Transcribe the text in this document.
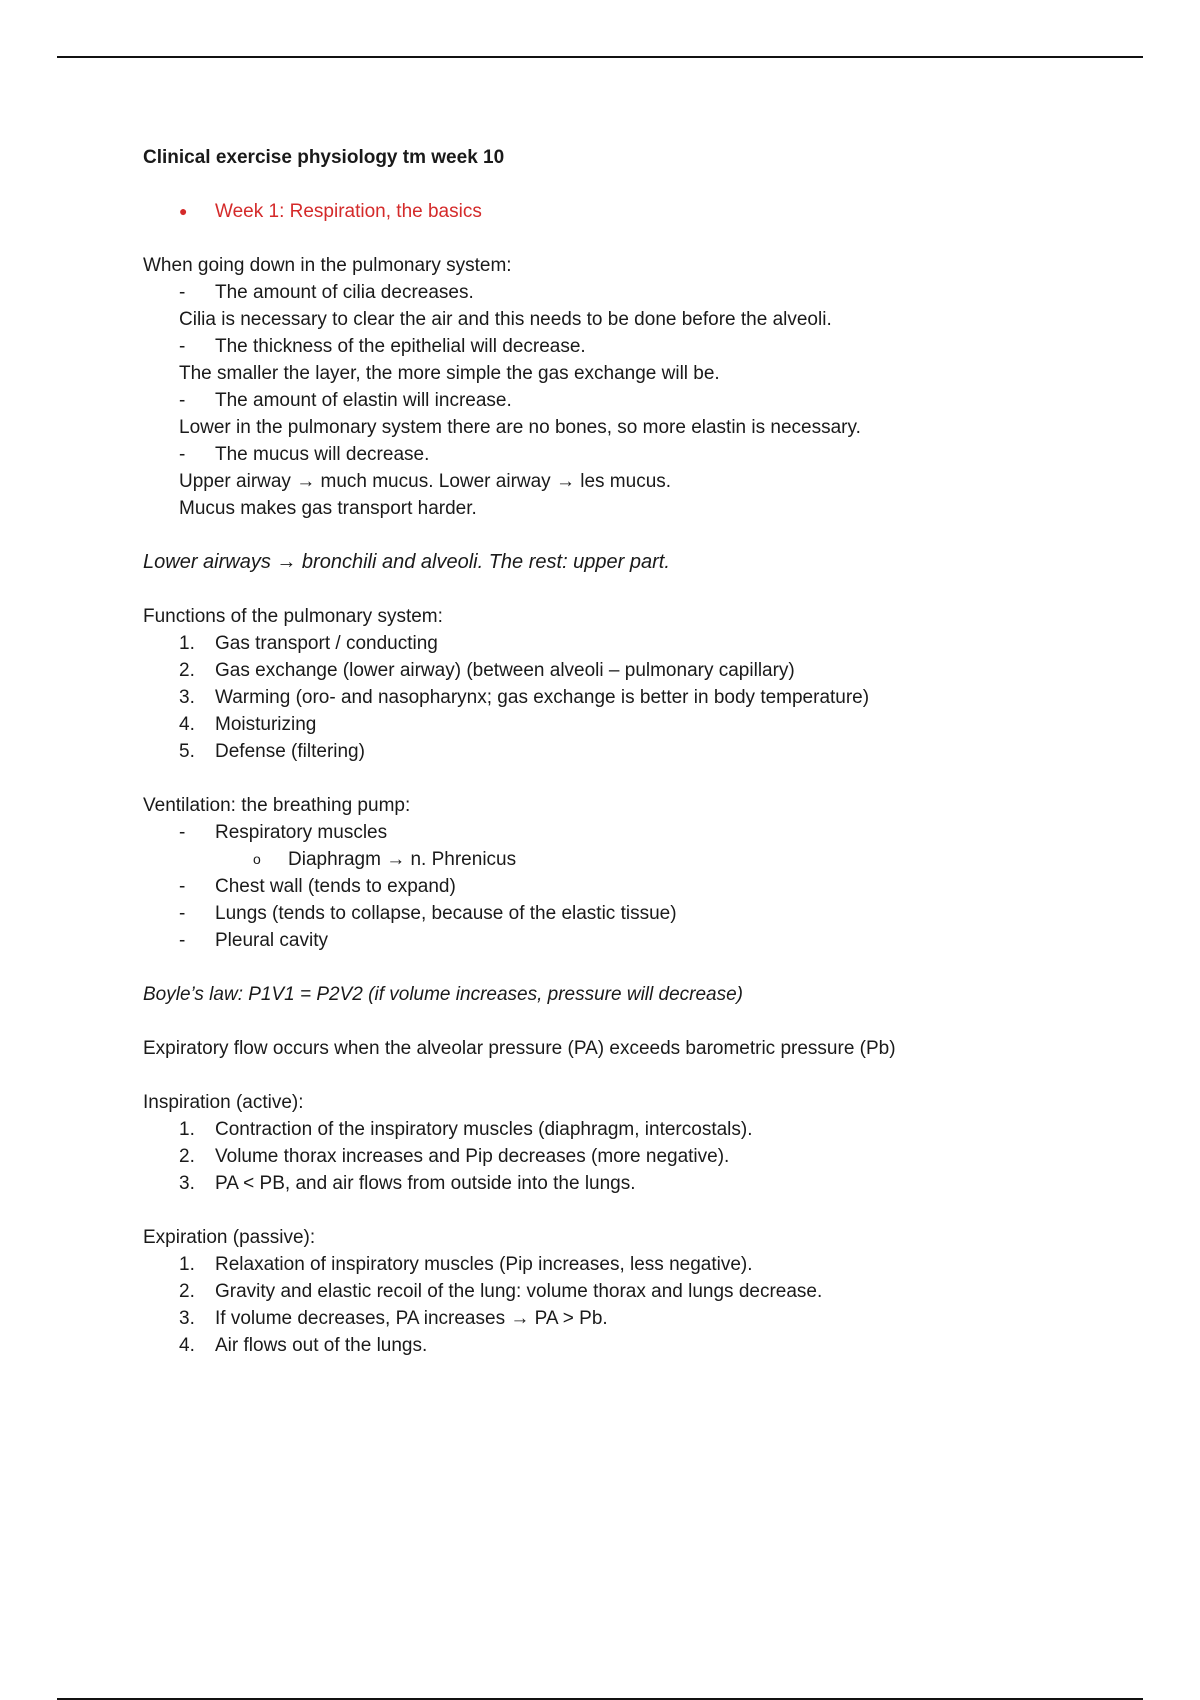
Clinical exercise physiology tm week 10
●	Week 1: Respiration, the basics
When going down in the pulmonary system:
-	The amount of cilia decreases.
Cilia is necessary to clear the air and this needs to be done before the alveoli.
-	The thickness of the epithelial will decrease.
The smaller the layer, the more simple the gas exchange will be.
-	The amount of elastin will increase.
Lower in the pulmonary system there are no bones, so more elastin is necessary.
-	The mucus will decrease.
Upper airway → much mucus. Lower airway → les mucus.
Mucus makes gas transport harder.
Lower airways → bronchili and alveoli. The rest: upper part.
Functions of the pulmonary system:
1.	Gas transport / conducting
2.	Gas exchange (lower airway) (between alveoli – pulmonary capillary)
3.	Warming (oro- and nasopharynx; gas exchange is better in body temperature)
4.	Moisturizing
5.	Defense (filtering)
Ventilation: the breathing pump:
-	Respiratory muscles
o	Diaphragm → n. Phrenicus
-	Chest wall (tends to expand)
-	Lungs (tends to collapse, because of the elastic tissue)
-	Pleural cavity
Boyle’s law: P1V1 = P2V2 (if volume increases, pressure will decrease)
Expiratory flow occurs when the alveolar pressure (PA) exceeds barometric pressure (Pb)
Inspiration (active):
1.	Contraction of the inspiratory muscles (diaphragm, intercostals).
2.	Volume thorax increases and Pip decreases (more negative).
3.	PA < PB, and air flows from outside into the lungs.
Expiration (passive):
1.	Relaxation of inspiratory muscles (Pip increases, less negative).
2.	Gravity and elastic recoil of the lung: volume thorax and lungs decrease.
3.	If volume decreases, PA increases → PA > Pb.
4.	Air flows out of the lungs.
